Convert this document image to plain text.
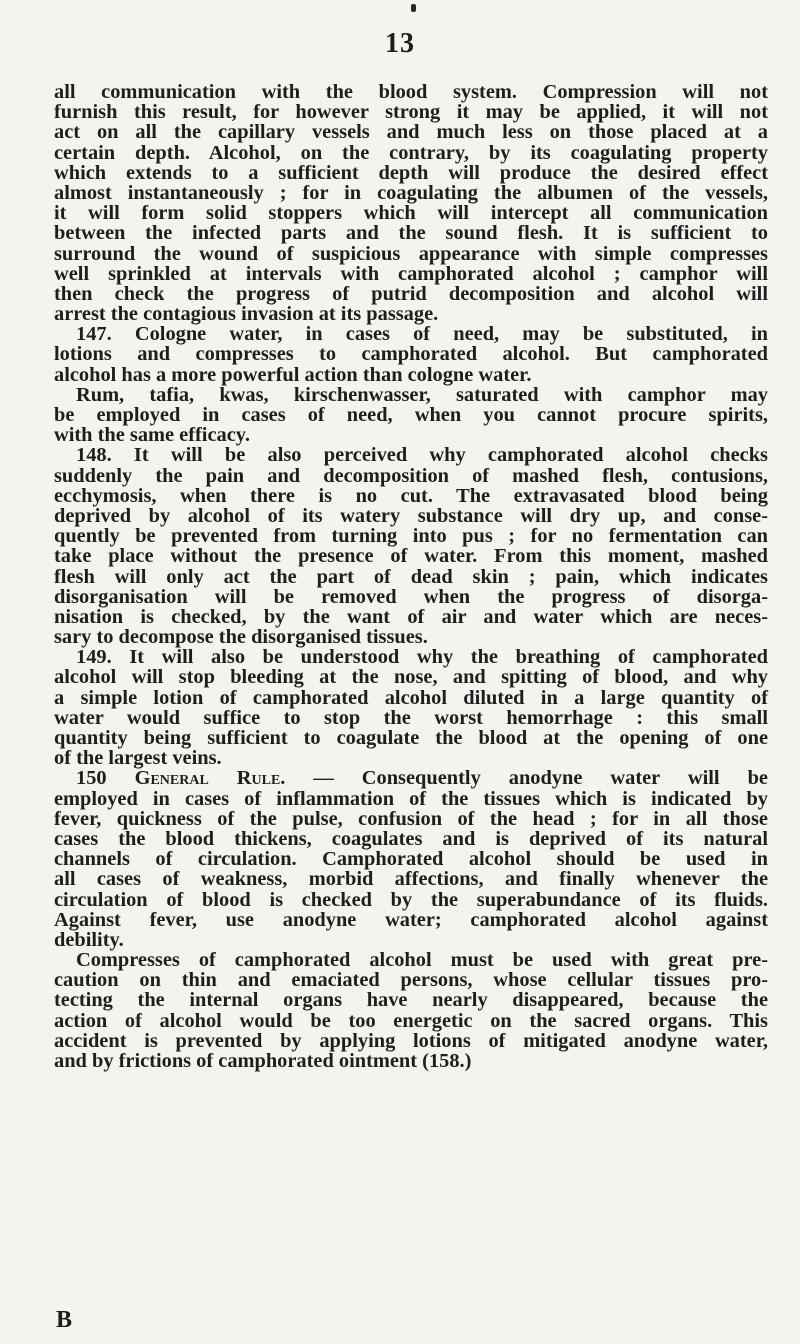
13
all communication with the blood system. Compression will not
furnish this result, for however strong it may be applied, it will not
act on all the capillary vessels and much less on those placed at a
certain depth. Alcohol, on the contrary, by its coagulating property
which extends to a sufficient depth will produce the desired effect
almost instantaneously ; for in coagulating the albumen of the vessels,
it will form solid stoppers which will intercept all communication
between the infected parts and the sound flesh. It is sufficient to
surround the wound of suspicious appearance with simple compresses
well sprinkled at intervals with camphorated alcohol ; camphor will
then check the progress of putrid decomposition and alcohol will
arrest the contagious invasion at its passage.
147. Cologne water, in cases of need, may be substituted, in
lotions and compresses to camphorated alcohol. But camphorated
alcohol has a more powerful action than cologne water.
Rum, tafia, kwas, kirschenwasser, saturated with camphor may
be employed in cases of need, when you cannot procure spirits,
with the same efficacy.
148. It will be also perceived why camphorated alcohol checks
suddenly the pain and decomposition of mashed flesh, contusions,
ecchymosis, when there is no cut. The extravasated blood being
deprived by alcohol of its watery substance will dry up, and conse-
quently be prevented from turning into pus ; for no fermentation can
take place without the presence of water. From this moment, mashed
flesh will only act the part of dead skin ; pain, which indicates
disorganisation will be removed when the progress of disorga-
nisation is checked, by the want of air and water which are neces-
sary to decompose the disorganised tissues.
149. It will also be understood why the breathing of camphorated
alcohol will stop bleeding at the nose, and spitting of blood, and why
a simple lotion of camphorated alcohol diluted in a large quantity of
water would suffice to stop the worst hemorrhage : this small
quantity being sufficient to coagulate the blood at the opening of one
of the largest veins.
150 General Rule. — Consequently anodyne water will be
employed in cases of inflammation of the tissues which is indicated by
fever, quickness of the pulse, confusion of the head ; for in all those
cases the blood thickens, coagulates and is deprived of its natural
channels of circulation. Camphorated alcohol should be used in
all cases of weakness, morbid affections, and finally whenever the
circulation of blood is checked by the superabundance of its fluids.
Against fever, use anodyne water; camphorated alcohol against
debility.
Compresses of camphorated alcohol must be used with great pre-
caution on thin and emaciated persons, whose cellular tissues pro-
tecting the internal organs have nearly disappeared, because the
action of alcohol would be too energetic on the sacred organs. This
accident is prevented by applying lotions of mitigated anodyne water,
and by frictions of camphorated ointment (158.)
B
